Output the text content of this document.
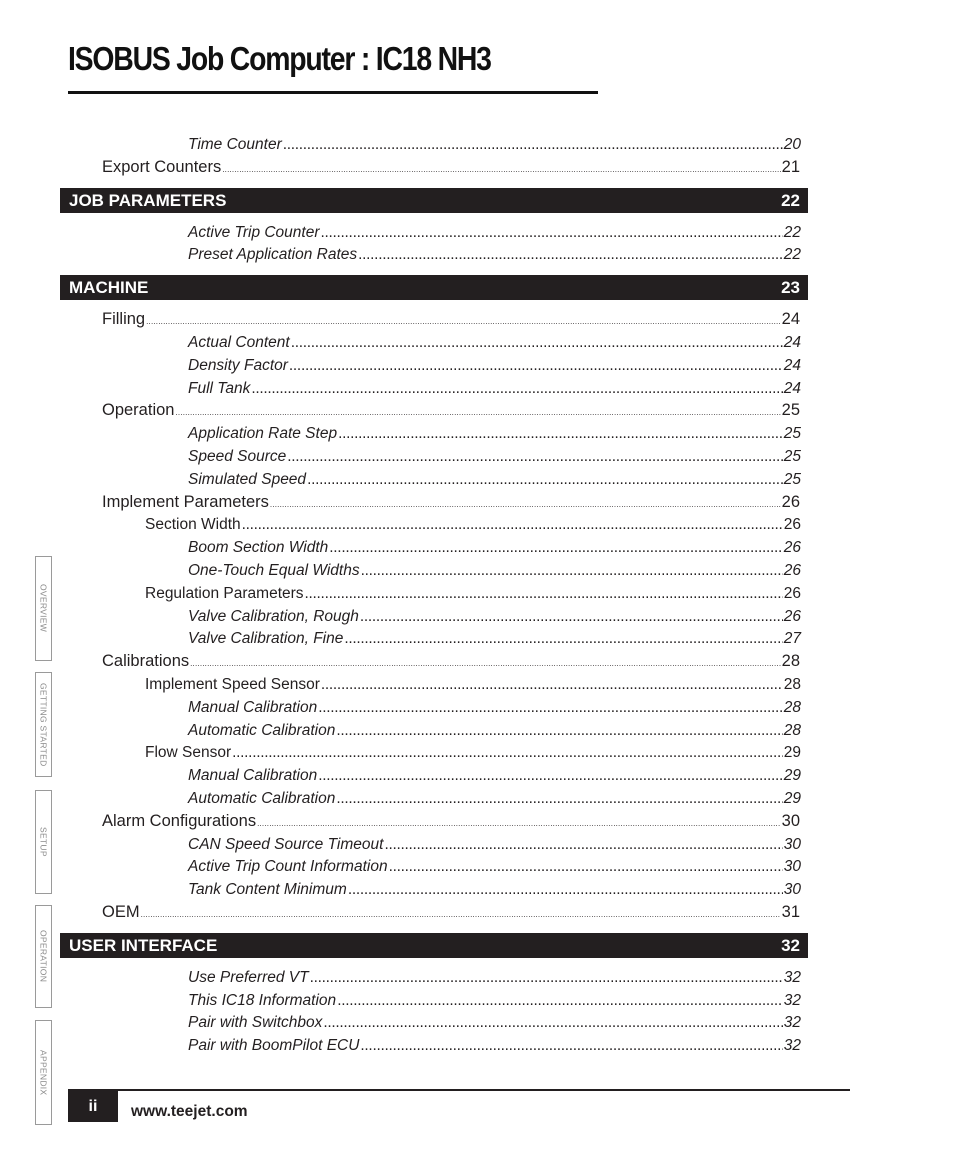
ISOBUS Job Computer : IC18 NH3
Time Counter .....	20
Export Counters .....	21
JOB PARAMETERS	22
Active Trip Counter .....	22
Preset Application Rates .....	22
MACHINE	23
Filling .....	24
Actual Content .....	24
Density Factor .....	24
Full Tank .....	24
Operation .....	25
Application Rate Step .....	25
Speed Source .....	25
Simulated Speed .....	25
Implement Parameters .....	26
Section Width .....	26
Boom Section Width .....	26
One-Touch Equal Widths .....	26
Regulation Parameters .....	26
Valve Calibration, Rough .....	26
Valve Calibration, Fine .....	27
Calibrations .....	28
Implement Speed Sensor .....	28
Manual Calibration .....	28
Automatic Calibration .....	28
Flow Sensor .....	29
Manual Calibration .....	29
Automatic Calibration .....	29
Alarm Configurations .....	30
CAN Speed Source Timeout .....	30
Active Trip Count Information .....	30
Tank Content Minimum .....	30
OEM .....	31
USER INTERFACE	32
Use Preferred VT .....	32
This IC18 Information .....	32
Pair with Switchbox .....	32
Pair with BoomPilot ECU .....	32
OVERVIEW
GETTING STARTED
SETUP
OPERATION
APPENDIX
ii	www.teejet.com
